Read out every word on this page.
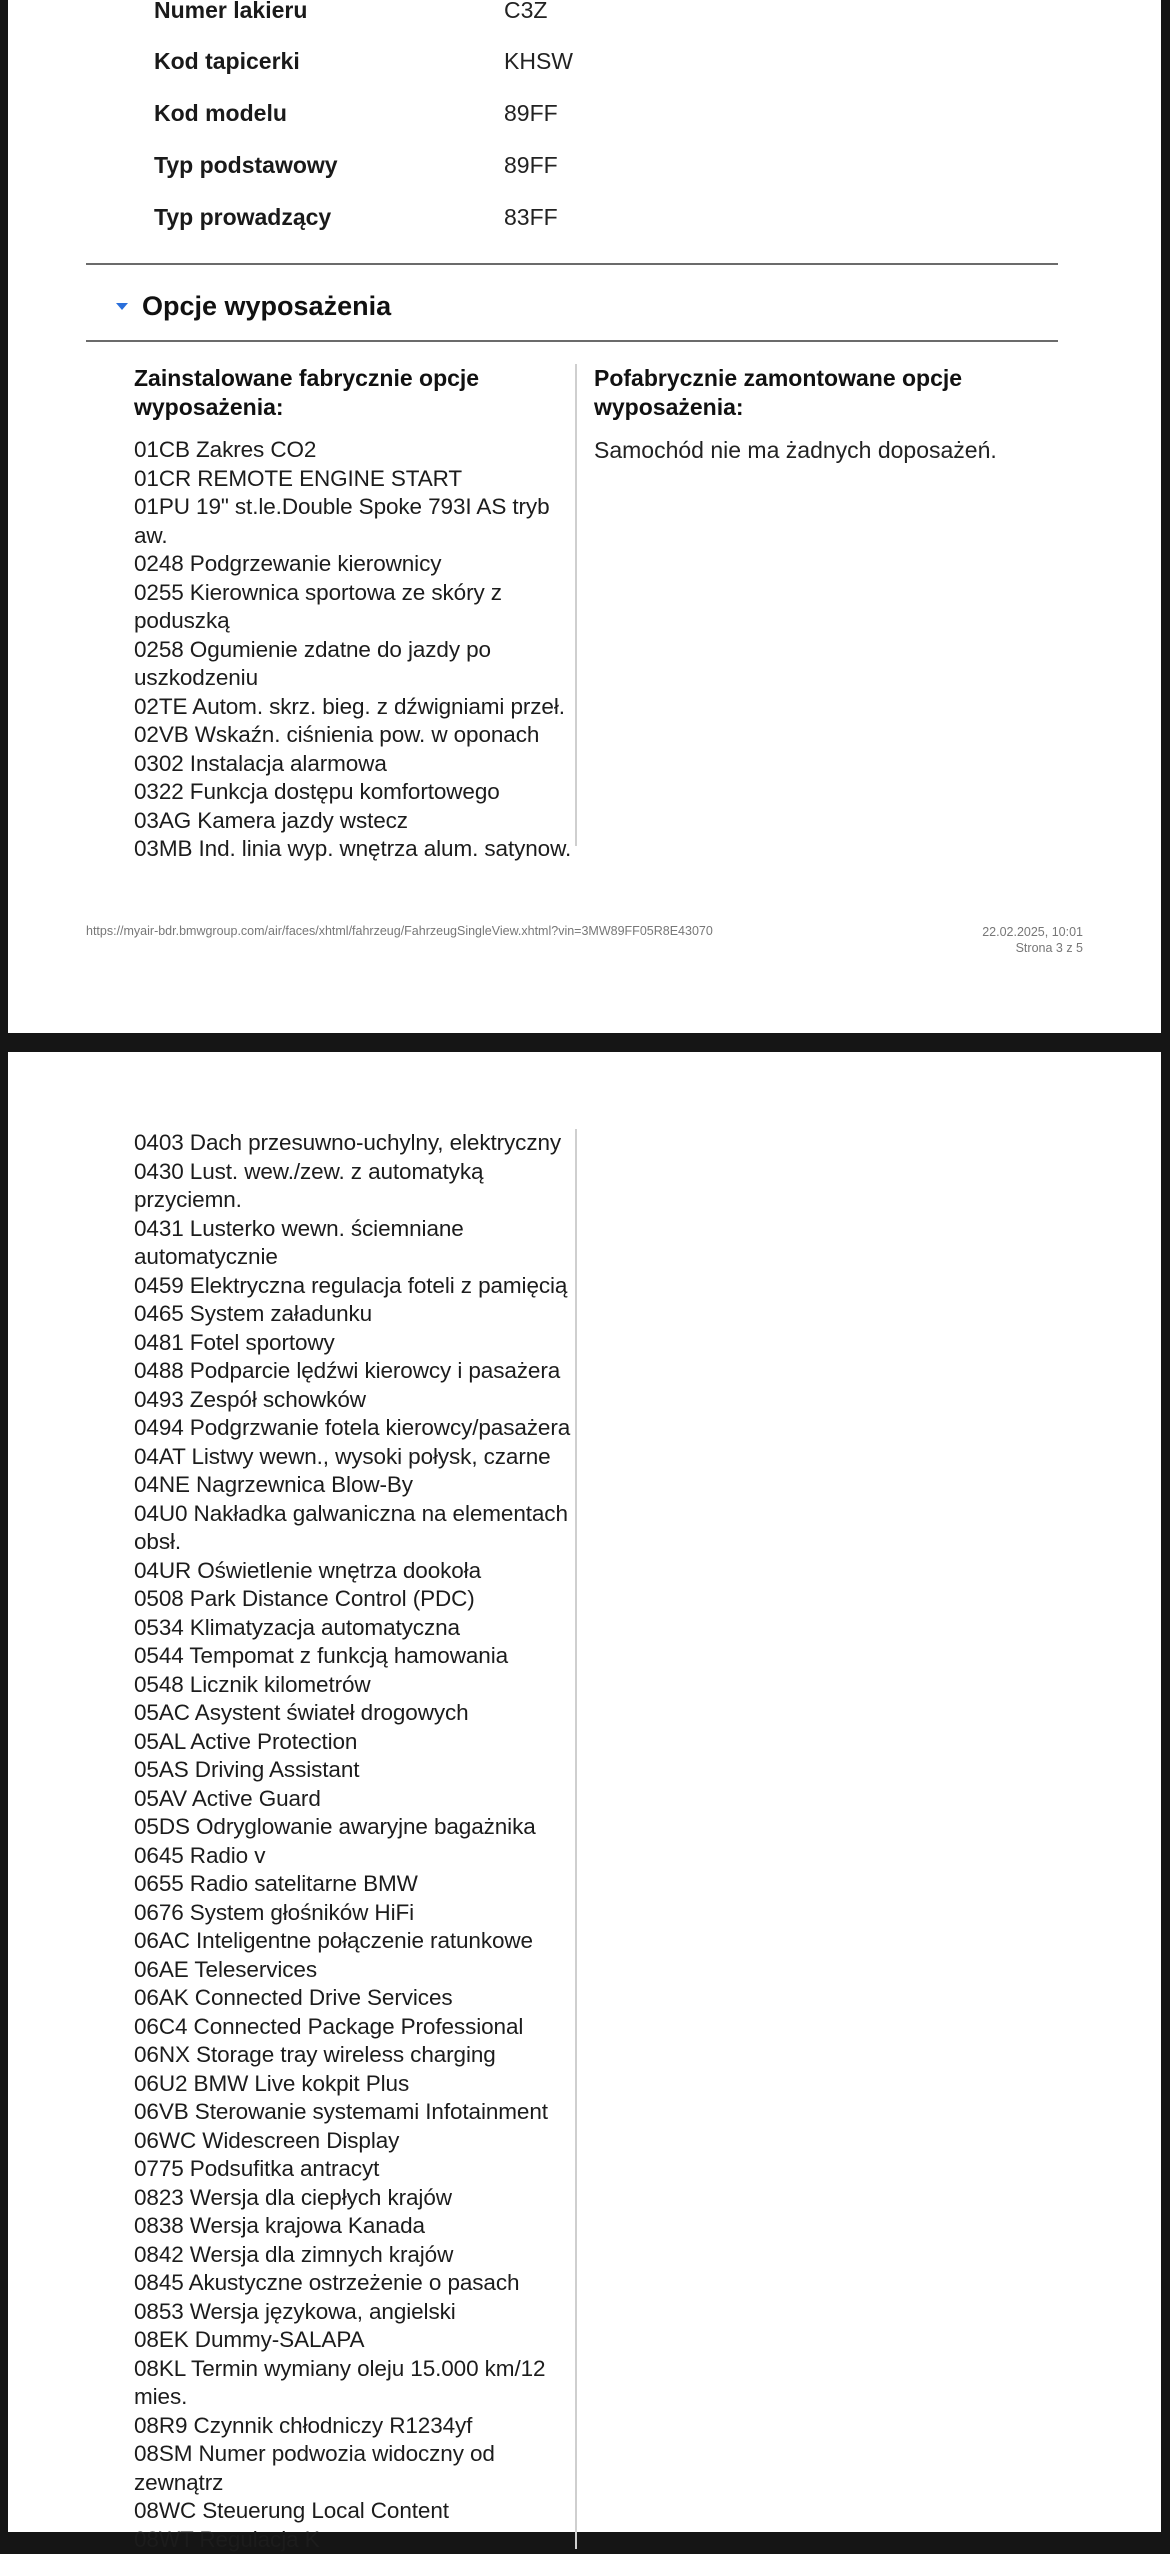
Numer lakieru	C3Z
Kod tapicerki	KHSW
Kod modelu	89FF
Typ podstawowy	89FF
Typ prowadzący	83FF
Opcje wyposażenia
Zainstalowane fabrycznie opcje wyposażenia:
Pofabrycznie zamontowane opcje wyposażenia:
Samochód nie ma żadnych doposażeń.
01CB Zakres CO2
01CR REMOTE ENGINE START
01PU 19" st.le.Double Spoke 793I AS tryb aw.
0248 Podgrzewanie kierownicy
0255 Kierownica sportowa ze skóry z poduszką
0258 Ogumienie zdatne do jazdy po uszkodzeniu
02TE Autom. skrz. bieg. z dźwigniami przeł.
02VB Wskaźn. ciśnienia pow. w oponach
0302 Instalacja alarmowa
0322 Funkcja dostępu komfortowego
03AG Kamera jazdy wstecz
03MB Ind. linia wyp. wnętrza alum. satynow.
https://myair-bdr.bmwgroup.com/air/faces/xhtml/fahrzeug/FahrzeugSingleView.xhtml?vin=3MW89FF05R8E43070	22.02.2025, 10:01
Strona 3 z 5
0403 Dach przesuwno-uchylny, elektryczny
0430 Lust. wew./zew. z automatyką przyciemn.
0431 Lusterko wewn. ściemniane automatycznie
0459 Elektryczna regulacja foteli z pamięcią
0465 System załadunku
0481 Fotel sportowy
0488 Podparcie lędźwi kierowcy i pasażera
0493 Zespół schowków
0494 Podgrzwanie fotela kierowcy/pasażera
04AT Listwy wewn., wysoki połysk, czarne
04NE Nagrzewnica Blow-By
04U0 Nakładka galwaniczna na elementach obsł.
04UR Oświetlenie wnętrza dookoła
0508 Park Distance Control (PDC)
0534 Klimatyzacja automatyczna
0544 Tempomat z funkcją hamowania
0548 Licznik kilometrów
05AC Asystent świateł drogowych
05AL Active Protection
05AS Driving Assistant
05AV Active Guard
05DS Odryglowanie awaryjne bagażnika
0645 Radio v
0655 Radio satelitarne BMW
0676 System głośników HiFi
06AC Inteligentne połączenie ratunkowe
06AE Teleservices
06AK Connected Drive Services
06C4 Connected Package Professional
06NX Storage tray wireless charging
06U2 BMW Live kokpit Plus
06VB Sterowanie systemami Infotainment
06WC Widescreen Display
0775 Podsufitka antracyt
0823 Wersja dla ciepłych krajów
0838 Wersja krajowa Kanada
0842 Wersja dla zimnych krajów
0845 Akustyczne ostrzeżenie o pasach
0853 Wersja językowa, angielski
08EK Dummy-SALAPA
08KL Termin wymiany oleju 15.000 km/12 mies.
08R9 Czynnik chłodniczy R1234yf
08SM Numer podwozia widoczny od zewnątrz
08WC Steuerung Local Content
08WT Regulacja K
